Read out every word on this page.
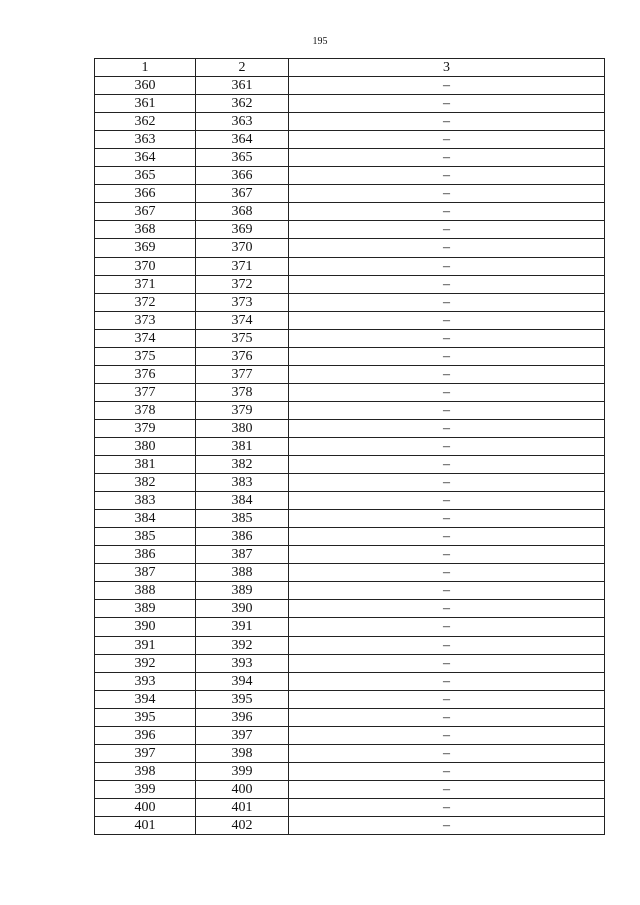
195
1	2	3
360	361	–
361	362	–
362	363	–
363	364	–
364	365	–
365	366	–
366	367	–
367	368	–
368	369	–
369	370	–
370	371	–
371	372	–
372	373	–
373	374	–
374	375	–
375	376	–
376	377	–
377	378	–
378	379	–
379	380	–
380	381	–
381	382	–
382	383	–
383	384	–
384	385	–
385	386	–
386	387	–
387	388	–
388	389	–
389	390	–
390	391	–
391	392	–
392	393	–
393	394	–
394	395	–
395	396	–
396	397	–
397	398	–
398	399	–
399	400	–
400	401	–
401	402	–
